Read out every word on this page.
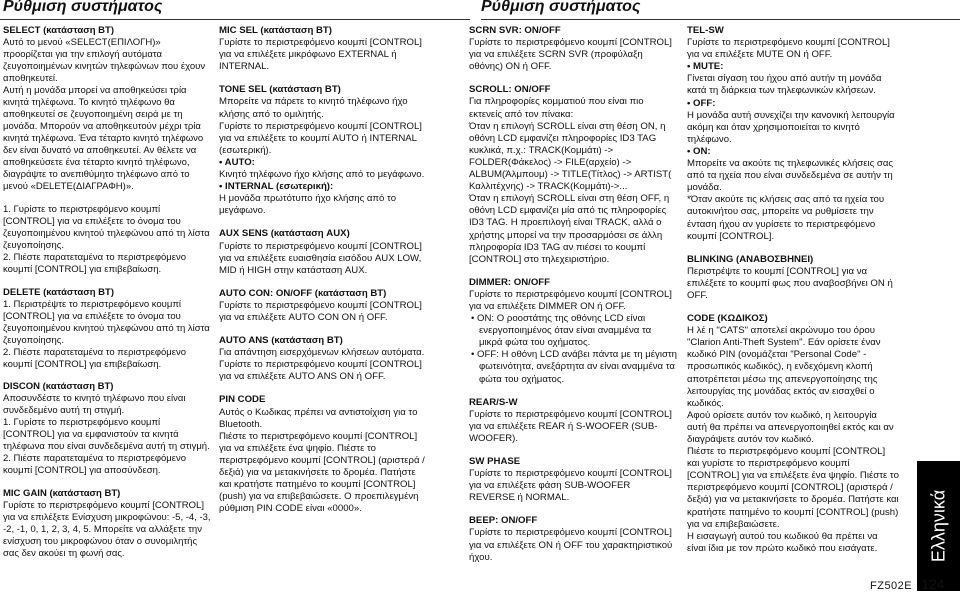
Ρύθμιση συστήματος	Ρύθμιση συστήματος

SELECT (κατάσταση BT)

Αυτό το μενού «SELECT(ΕΠΙΛΟΓΗ)» προορίζεται για την επιλογή αυτόματα ζευγοποιημένων κινητών τηλεφώνων που έχουν αποθηκευτεί.

Αυτή η μονάδα μπορεί να αποθηκεύσει τρία κινητά τηλέφωνα. Το κινητό τηλέφωνο θα αποθηκευτεί σε ζευγοποιημένη σειρά με τη μονάδα. Μπορούν να αποθηκευτούν μέχρι τρία κινητά τηλέφωνα. Ένα τέταρτο κινητό τηλέφωνο δεν είναι δυνατό να αποθηκευτεί. Αν θέλετε να αποθηκεύσετε ένα τέταρτο κινητό τηλέφωνο, διαγράψτε το ανεπιθύμητο τηλέφωνο από το μενού «DELETE(ΔΙΑΓΡΑΦΗ)».

1. Γυρίστε το περιστρεφόμενο κουμπί [CONTROL] για να επιλέξετε το όνομα του ζευγοποιημένου κινητού τηλεφώνου από τη λίστα ζευγοποίησης.

2. Πιέστε παρατεταμένα το περιστρεφόμενο κουμπί [CONTROL] για επιβεβαίωση.

DELETE (κατάσταση BT)

1. Περιστρέψτε το περιστρεφόμενο κουμπί [CONTROL] για να επιλέξετε το όνομα του ζευγοποιημένου κινητού τηλεφώνου από τη λίστα ζευγοποίησης.

2. Πιέστε παρατεταμένα το περιστρεφόμενο κουμπί [CONTROL] για επιβεβαίωση.

DISCON (κατάσταση BT)

Αποσυνδέστε το κινητό τηλέφωνο που είναι συνδεδεμένο αυτή τη στιγμή.

1. Γυρίστε το περιστρεφόμενο κουμπί [CONTROL] για να εμφανιστούν τα κινητά τηλέφωνα που είναι συνδεδεμένα αυτή τη στιγμή.

2. Πιέστε παρατεταμένα το περιστρεφόμενο κουμπί [CONTROL] για αποσύνδεση.

MIC GAIN (κατάσταση BT)

Γυρίστε το περιστρεφόμενο κουμπί [CONTROL] για να επιλέξετε Ενίσχυση μικροφώνου: -5, -4, -3, -2, -1, 0, 1, 2, 3, 4, 5. Μπορείτε να αλλάξετε την ενίσχυση του μικροφώνου όταν ο συνομιλητής σας δεν ακούει τη φωνή σας.

MIC SEL (κατάσταση BT)

Γυρίστε το περιστρεφόμενο κουμπί [CONTROL] για να επιλέξετε μικρόφωνο EXTERNAL ή INTERNAL.

TONE SEL (κατάσταση BT)

Μπορείτε να πάρετε το κινητό τηλέφωνο ήχο κλήσης από το ομιλητής.

Γυρίστε το περιστρεφόμενο κουμπί [CONTROL] για να επιλέξετε το κουμπί AUTO ή INTERNAL (εσωτερική).

• AUTO:

Κινητό τηλέφωνο ήχο κλήσης από το μεγάφωνο.

• INTERNAL (εσωτερική):

Η μονάδα πρωτότυπο ήχο κλήσης από το μεγάφωνο.

AUX SENS (κατάσταση AUX)

Γυρίστε το περιστρεφόμενο κουμπί [CONTROL] για να επιλέξετε ευαισθησία εισόδου AUX LOW, MID ή HIGH στην κατάσταση AUX.

AUTO CON: ON/OFF (κατάσταση BT)

Γυρίστε το περιστρεφόμενο κουμπί [CONTROL] για να επιλέξετε AUTO CON ON ή OFF.

AUTO ANS (κατάσταση BT)

Για απάντηση εισερχόμενων κλήσεων αυτόματα.

Γυρίστε το περιστρεφόμενο κουμπί [CONTROL] για να επιλέξετε AUTO ANS ON ή OFF.

PIN CODE

Αυτός ο Κωδικας πρέπει να αντιστοίχιση για το Bluetooth.

Πιέστε το περιστρεφόμενο κουμπί [CONTROL] για να επιλέξετε ένα ψηφίο. Πιέστε το περιστρεφόμενο κουμπί [CONTROL] (αριστερά / δεξιά) για να μετακινήσετε το δρομέα. Πατήστε και κρατήστε πατημένο το κουμπί [CONTROL] (push) για να επιβεβαιώσετε. Ο προεπιλεγμένη ρύθμιση PIN CODE είναι «0000».

SCRN SVR: ON/OFF

Γυρίστε το περιστρεφόμενο κουμπί [CONTROL] για να επιλέξετε SCRN SVR (προφύλαξη οθόνης) ON ή OFF.

SCROLL: ON/OFF

Για πληροφορίες κομματιού που είναι πιο εκτενείς από τον πίνακα:

Όταν η επιλογή SCROLL είναι στη θέση ON, η οθόνη LCD εμφανίζει πληροφορίες ID3 TAG κυκλικά, π.χ.: TRACK(Κομμάτι) -> FOLDER(Φάκελος) -> FILE(αρχείο) -> ALBUM(Άλμπουμ) -> TITLE(Τίτλος) -> ARTIST( Καλλιτέχνης) -> TRACK(Κομμάτι)->...

Όταν η επιλογή SCROLL είναι στη θέση OFF, η οθόνη LCD εμφανίζει μία από τις πληροφορίες ID3 TAG. Η προεπιλογή είναι TRACK, αλλά ο χρήστης μπορεί να την προσαρμόσει σε άλλη πληροφορία ID3 TAG αν πιέσει το κουμπί [CONTROL] στο τηλεχειριστήριο.

DIMMER: ON/OFF

Γυρίστε το περιστρεφόμενο κουμπί [CONTROL] για να επιλέξετε DIMMER ON ή OFF.

• ON: Ο ροοστάτης της οθόνης LCD είναι ενεργοποιημένος όταν είναι αναμμένα τα μικρά φώτα του οχήματος.

• OFF: Η οθόνη LCD ανάβει πάντα με τη μέγιστη φωτεινότητα, ανεξάρτητα αν είναι αναμμένα τα φώτα του οχήματος.

REAR/S-W

Γυρίστε το περιστρεφόμενο κουμπί [CONTROL] για να επιλέξετε REAR ή S-WOOFER (SUB-WOOFER).

SW PHASE

Γυρίστε το περιστρεφόμενο κουμπί [CONTROL] για να επιλέξετε φάση SUB-WOOFER REVERSE ή NORMAL.

BEEP: ON/OFF

Γυρίστε το περιστρεφόμενο κουμπί [CONTROL] για να επιλέξετε ON ή OFF του χαρακτηριστικού ήχου.

TEL-SW

Γυρίστε το περιστρεφόμενο κουμπί [CONTROL] για να επιλέξετε MUTE ON ή OFF.

• MUTE:

Γίνεται σίγαση του ήχου από αυτήν τη μονάδα κατά τη διάρκεια των τηλεφωνικών κλήσεων.

• OFF:

Η μονάδα αυτή συνεχίζει την κανονική λειτουργία ακόμη και όταν χρησιμοποιείται το κινητό τηλέφωνο.

• ON:

Μπορείτε να ακούτε τις τηλεφωνικές κλήσεις σας από τα ηχεία που είναι συνδεδεμένα σε αυτήν τη μονάδα.

*Όταν ακούτε τις κλήσεις σας από τα ηχεία του αυτοκινήτου σας, μπορείτε να ρυθμίσετε την ένταση ήχου αν γυρίσετε το περιστρεφόμενο κουμπί [CONTROL].

BLINKING (ΑΝΑΒΟΣΒΗΝΕΙ)

Περιστρέψτε το κουμπί [CONTROL] για να επιλέξετε το κουμπί φως που αναβοσβήνει ON ή OFF.

CODE (ΚΩΔΙΚΟΣ)

Η λέ η "CATS" αποτελεί ακρώνυμο του όρου "Clarion Anti-Theft System". Εάν ορίσετε έναν κωδικό PIN (ονομάζεται "Personal Code" - προσωπικός κωδικός), η ενδεχόμενη κλοπή αποτρέπεται μέσω της απενεργοποίησης της λειτουργίας της μονάδας εκτός αν εισαχθεί ο κωδικός.

Αφού ορίσετε αυτόν τον κωδικό, η λειτουργία αυτή θα πρέπει να απενεργοποιηθεί εκτός και αν διαγράψετε αυτόν τον κωδικό.

Πιέστε το περιστρεφόμενο κουμπί [CONTROL] και γυρίστε το περιστρεφόμενο κουμπί [CONTROL] για να επιλέξετε ένα ψηφίο. Πιέστε το περιστρεφόμενο κουμπί [CONTROL] (αριστερά / δεξιά) για να μετακινήσετε το δρομέα. Πατήστε και κρατήστε πατημένο το κουμπί [CONTROL] (push) για να επιβεβαιώσετε.

Η εισαγωγή αυτού του κωδικού θα πρέπει να είναι ίδια με τον πρώτο κωδικό που εισάγατε.	Ελληνικά
FZ502E 124
